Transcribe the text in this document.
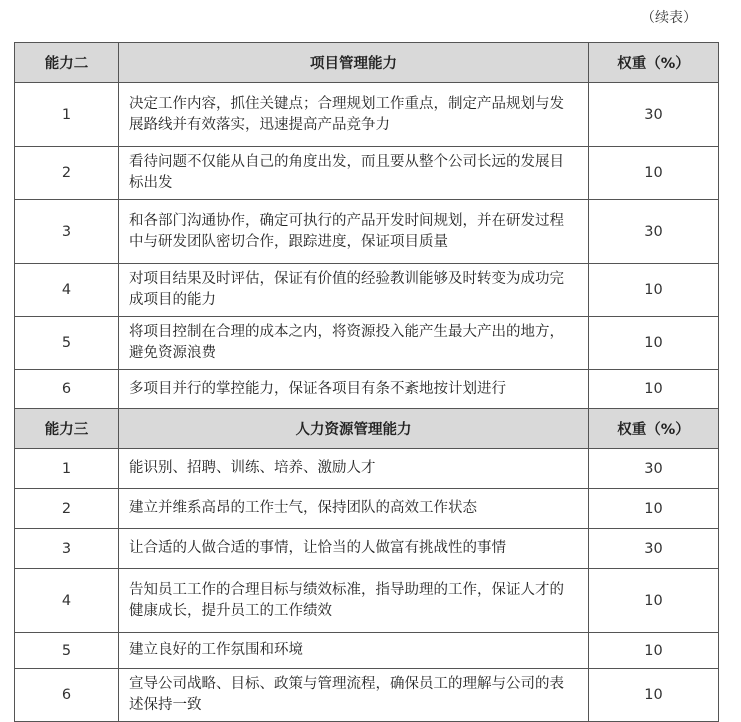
（续表）
能力二	项目管理能力	权重（%）
1	决定工作内容，抓住关键点；合理规划工作重点，制定产品规划与发展路线并有效落实，迅速提高产品竞争力	30
2	看待问题不仅能从自己的角度出发，而且要从整个公司长远的发展目标出发	10
3	和各部门沟通协作，确定可执行的产品开发时间规划，并在研发过程中与研发团队密切合作，跟踪进度，保证项目质量	30
4	对项目结果及时评估，保证有价值的经验教训能够及时转变为成功完成项目的能力	10
5	将项目控制在合理的成本之内，将资源投入能产生最大产出的地方，避免资源浪费	10
6	多项目并行的掌控能力，保证各项目有条不紊地按计划进行	10
能力三	人力资源管理能力	权重（%）
1	能识别、招聘、训练、培养、激励人才	30
2	建立并维系高昂的工作士气，保持团队的高效工作状态	10
3	让合适的人做合适的事情，让恰当的人做富有挑战性的事情	30
4	告知员工工作的合理目标与绩效标准，指导助理的工作，保证人才的健康成长，提升员工的工作绩效	10
5	建立良好的工作氛围和环境	10
6	宣导公司战略、目标、政策与管理流程，确保员工的理解与公司的表述保持一致	10
